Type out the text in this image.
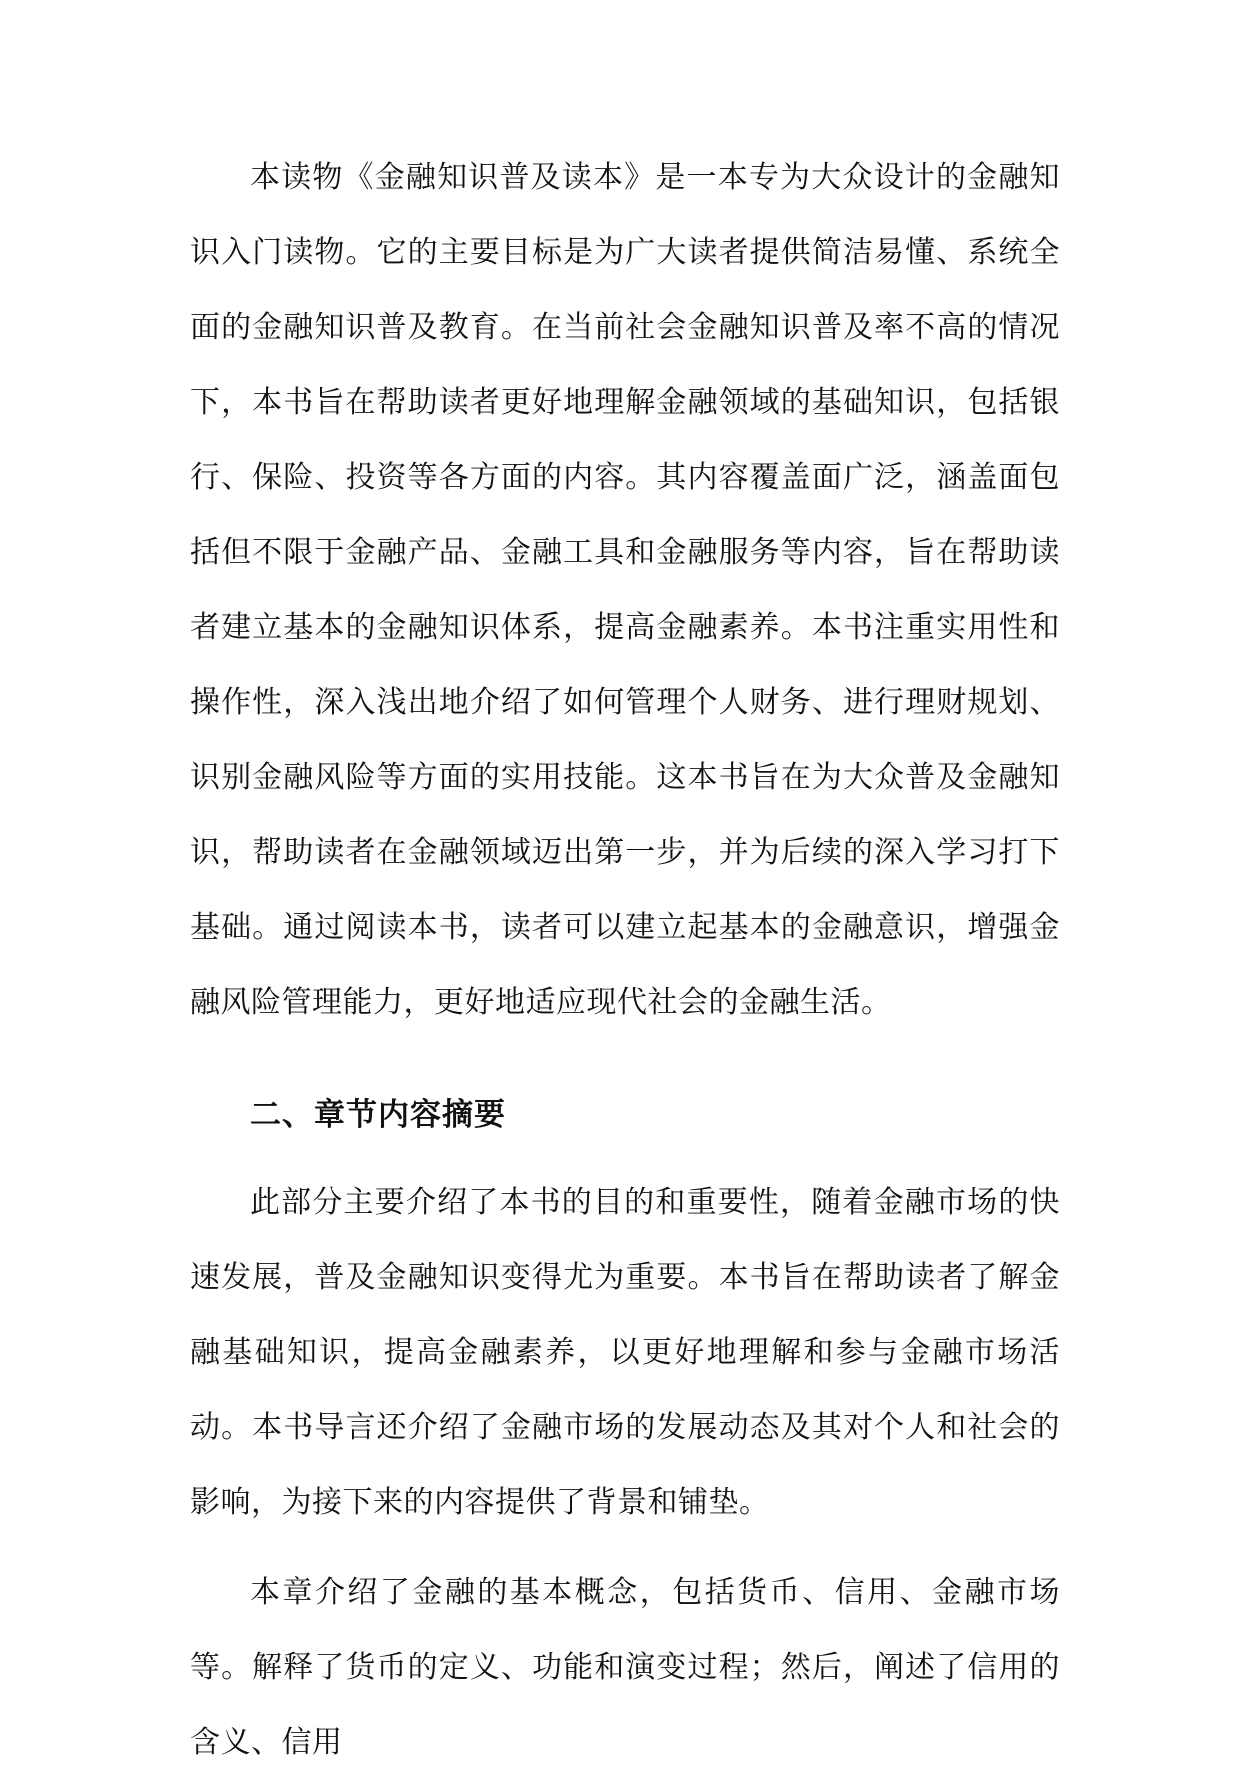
本读物《金融知识普及读本》是一本专为大众设计的金融知识入门读物。它的主要目标是为广大读者提供简洁易懂、系统全面的金融知识普及教育。在当前社会金融知识普及率不高的情况下，本书旨在帮助读者更好地理解金融领域的基础知识，包括银行、保险、投资等各方面的内容。其内容覆盖面广泛，涵盖面包括但不限于金融产品、金融工具和金融服务等内容，旨在帮助读者建立基本的金融知识体系，提高金融素养。本书注重实用性和操作性，深入浅出地介绍了如何管理个人财务、进行理财规划、识别金融风险等方面的实用技能。这本书旨在为大众普及金融知识，帮助读者在金融领域迈出第一步，并为后续的深入学习打下基础。通过阅读本书，读者可以建立起基本的金融意识，增强金融风险管理能力，更好地适应现代社会的金融生活。

二、章节内容摘要

此部分主要介绍了本书的目的和重要性，随着金融市场的快速发展，普及金融知识变得尤为重要。本书旨在帮助读者了解金融基础知识，提高金融素养，以更好地理解和参与金融市场活动。本书导言还介绍了金融市场的发展动态及其对个人和社会的影响，为接下来的内容提供了背景和铺垫。

本章介绍了金融的基本概念，包括货币、信用、金融市场等。解释了货币的定义、功能和演变过程；然后，阐述了信用的含义、信用
